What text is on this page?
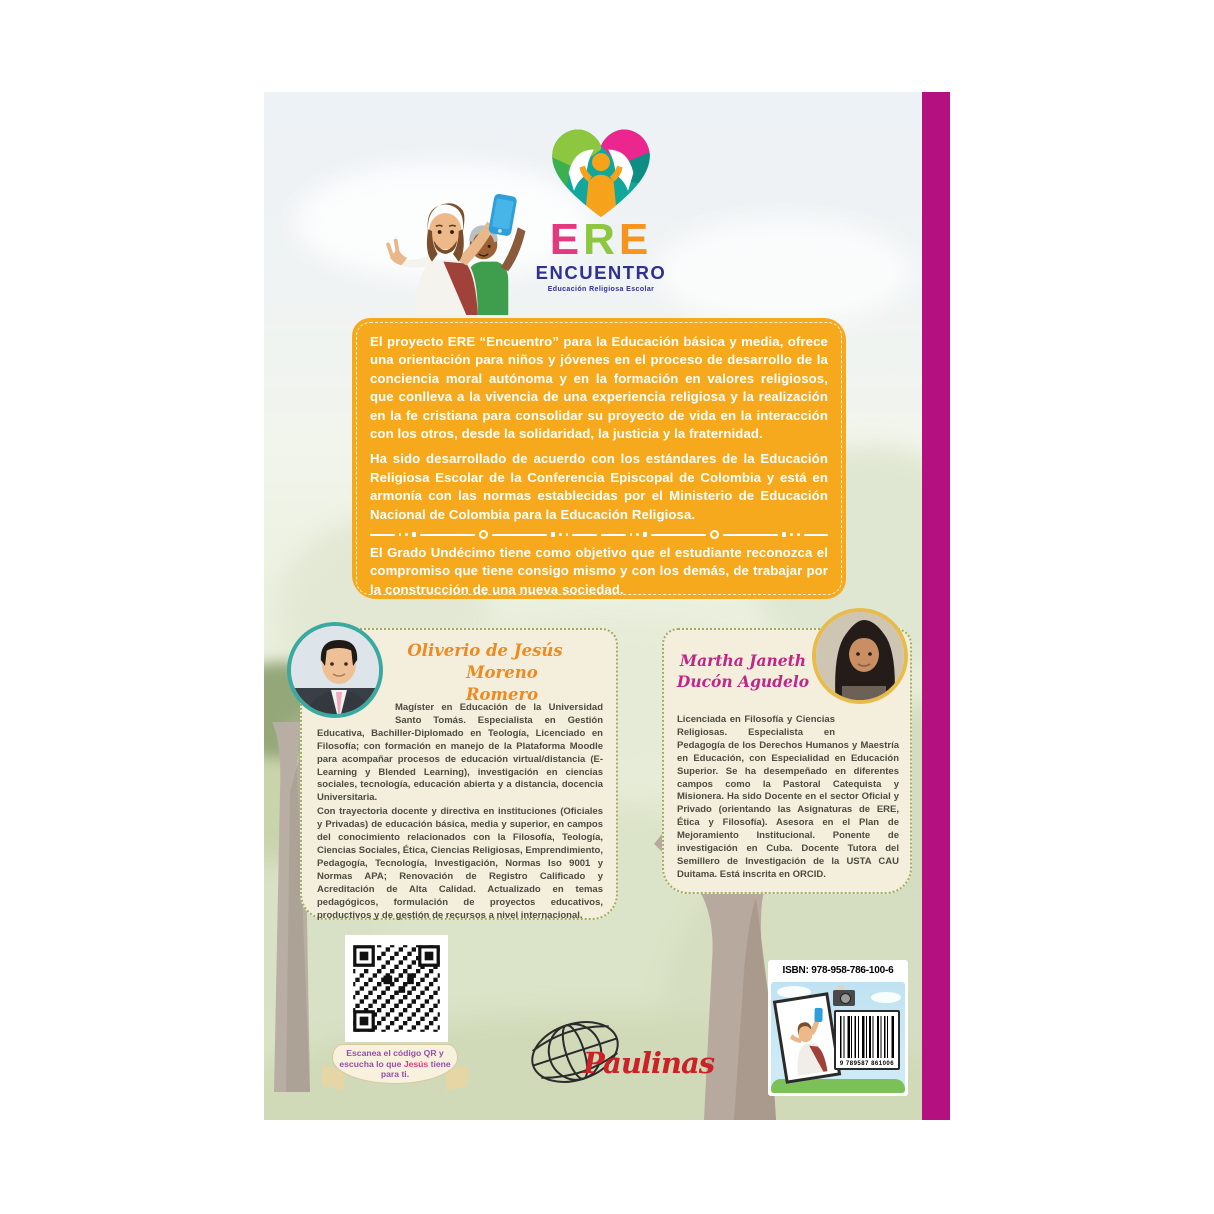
ERE
ENCUENTRO
Educación Religiosa Escolar

El proyecto ERE “Encuentro” para la Educación básica y media, ofrece una orientación para niños y jóvenes en el proceso de desarrollo de la conciencia moral autónoma y en la formación en valores religiosos, que conlleva a la vivencia de una experiencia religiosa y la realización en la fe cristiana para consolidar su proyecto de vida en la interacción con los otros, desde la solidaridad, la justicia y la fraternidad.

Ha sido desarrollado de acuerdo con los estándares de la Educación Religiosa Escolar de la Conferencia Episcopal de Colombia y está en armonía con las normas establecidas por el Ministerio de Educación Nacional de Colombia para la Educación Religiosa.

El Grado Undécimo tiene como objetivo que el estudiante reconozca el compromiso que tiene consigo mismo y con los demás, de trabajar por la construcción de una nueva sociedad.

Oliverio de Jesús
Moreno Romero

Magíster en Educación de la Universidad Santo Tomás. Especialista en Gestión Educativa, Bachiller-Diplomado en Teología, Licenciado en Filosofía; con formación en manejo de la Plataforma Moodle para acompañar procesos de educación virtual/distancia (E-Learning y Blended Learning), investigación en ciencias sociales, tecnología, educación abierta y a distancia, docencia Universitaria.

Con trayectoria docente y directiva en instituciones (Oficiales y Privadas) de educación básica, media y superior, en campos del conocimiento relacionados con la Filosofía, Teología, Ciencias Sociales, Ética, Ciencias Religiosas, Emprendimiento, Pedagogía, Tecnología, Investigación, Normas Iso 9001 y Normas APA; Renovación de Registro Calificado y Acreditación de Alta Calidad. Actualizado en temas pedagógicos, formulación de proyectos educativos, productivos y de gestión de recursos a nivel internacional.

Martha Janeth
Ducón Agudelo

Licenciada en Filosofía y Ciencias Religiosas. Especialista en Pedagogía de los Derechos Humanos y Maestría en Educación, con Especialidad en Educación Superior. Se ha desempeñado en diferentes campos como la Pastoral Catequista y Misionera. Ha sido Docente en el sector Oficial y Privado (orientando las Asignaturas de ERE, Ética y Filosofía). Asesora en el Plan de Mejoramiento Institucional. Ponente de investigación en Cuba. Docente Tutora del Semillero de Investigación de la USTA CAU Duitama. Está inscrita en ORCID.

Escanea el código QR y escucha lo que Jesús tiene para ti.	Paulinas
ISBN: 978-958-786-100-6
9 789587 861006
